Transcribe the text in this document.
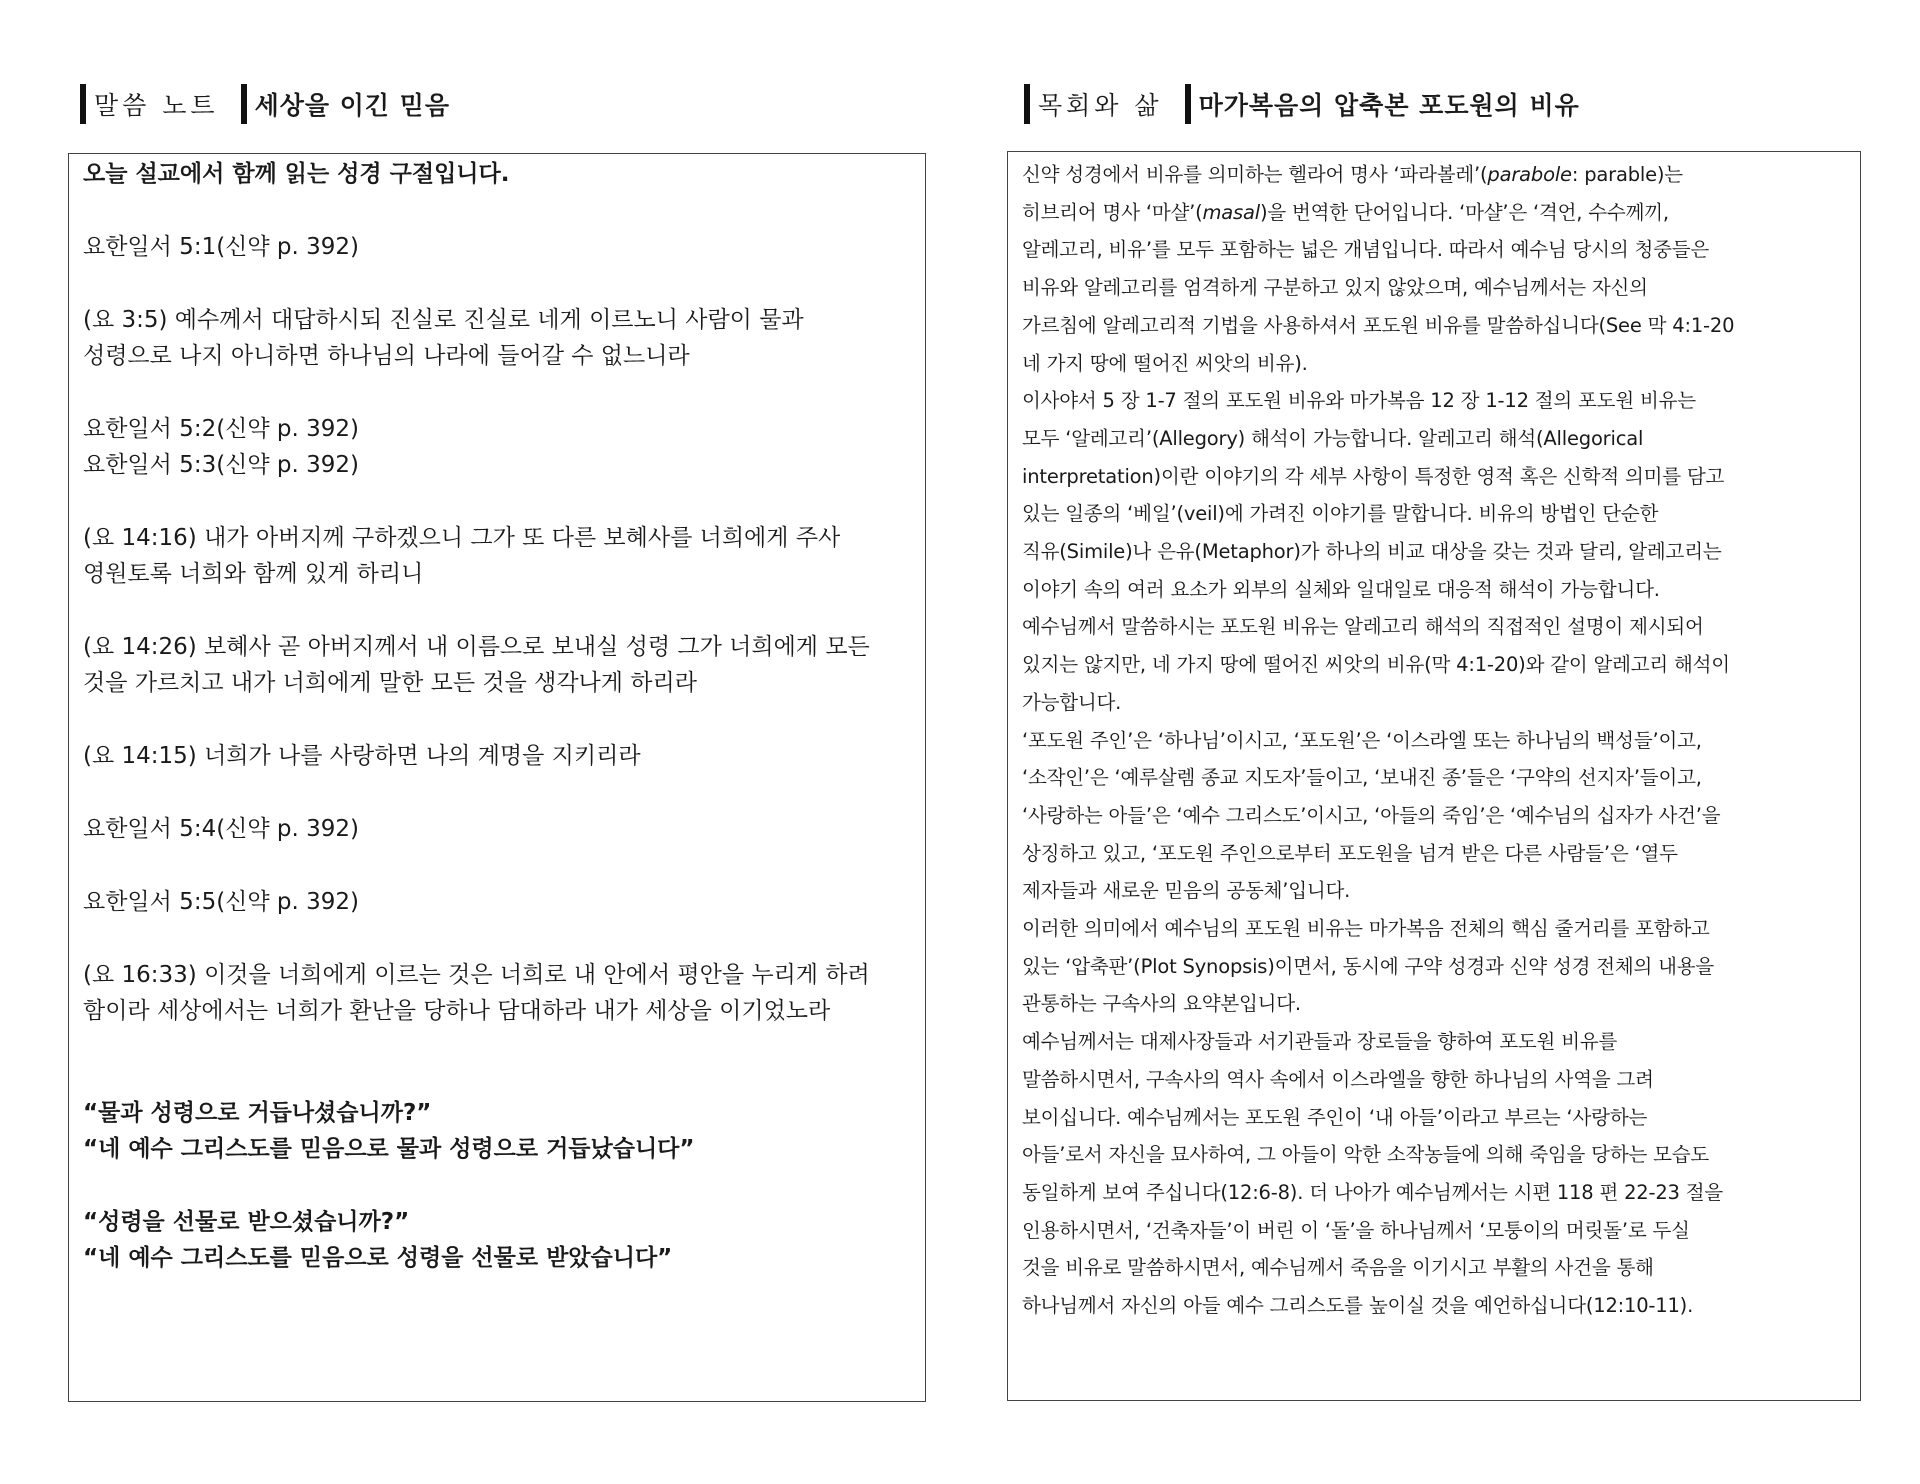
말씀 노트 세상을 이긴 믿음	목회와 삶 마가복음의 압축본 포도원의 비유

오늘 설교에서 함께 읽는 성경 구절입니다.

요한일서 5:1(신약 p. 392)

(요 3:5) 예수께서 대답하시되 진실로 진실로 네게 이르노니 사람이 물과

성령으로 나지 아니하면 하나님의 나라에 들어갈 수 없느니라

요한일서 5:2(신약 p. 392)

요한일서 5:3(신약 p. 392)

(요 14:16) 내가 아버지께 구하겠으니 그가 또 다른 보혜사를 너희에게 주사

영원토록 너희와 함께 있게 하리니

(요 14:26) 보혜사 곧 아버지께서 내 이름으로 보내실 성령 그가 너희에게 모든

것을 가르치고 내가 너희에게 말한 모든 것을 생각나게 하리라

(요 14:15) 너희가 나를 사랑하면 나의 계명을 지키리라

요한일서 5:4(신약 p. 392)

요한일서 5:5(신약 p. 392)

(요 16:33) 이것을 너희에게 이르는 것은 너희로 내 안에서 평안을 누리게 하려

함이라 세상에서는 너희가 환난을 당하나 담대하라 내가 세상을 이기었노라

“물과 성령으로 거듭나셨습니까?”

“네 예수 그리스도를 믿음으로 물과 성령으로 거듭났습니다”

“성령을 선물로 받으셨습니까?”

“네 예수 그리스도를 믿음으로 성령을 선물로 받았습니다”

신약 성경에서 비유를 의미하는 헬라어 명사 ‘파라볼레’(parabole: parable)는

히브리어 명사 ‘마샬’(masal)을 번역한 단어입니다. ‘마샬’은 ‘격언, 수수께끼,

알레고리, 비유’를 모두 포함하는 넓은 개념입니다. 따라서 예수님 당시의 청중들은

비유와 알레고리를 엄격하게 구분하고 있지 않았으며, 예수님께서는 자신의

가르침에 알레고리적 기법을 사용하셔서 포도원 비유를 말씀하십니다(See 막 4:1-20

네 가지 땅에 떨어진 씨앗의 비유).

이사야서 5 장 1-7 절의 포도원 비유와 마가복음 12 장 1-12 절의 포도원 비유는

모두 ‘알레고리’(Allegory) 해석이 가능합니다. 알레고리 해석(Allegorical

interpretation)이란 이야기의 각 세부 사항이 특정한 영적 혹은 신학적 의미를 담고

있는 일종의 ‘베일’(veil)에 가려진 이야기를 말합니다. 비유의 방법인 단순한

직유(Simile)나 은유(Metaphor)가 하나의 비교 대상을 갖는 것과 달리, 알레고리는

이야기 속의 여러 요소가 외부의 실체와 일대일로 대응적 해석이 가능합니다.

예수님께서 말씀하시는 포도원 비유는 알레고리 해석의 직접적인 설명이 제시되어

있지는 않지만, 네 가지 땅에 떨어진 씨앗의 비유(막 4:1-20)와 같이 알레고리 해석이

가능합니다.

‘포도원 주인’은 ‘하나님’이시고, ‘포도원’은 ‘이스라엘 또는 하나님의 백성들’이고,

‘소작인’은 ‘예루살렘 종교 지도자’들이고, ‘보내진 종’들은 ‘구약의 선지자’들이고,

‘사랑하는 아들’은 ‘예수 그리스도’이시고, ‘아들의 죽임’은 ‘예수님의 십자가 사건’을

상징하고 있고, ‘포도원 주인으로부터 포도원을 넘겨 받은 다른 사람들’은 ‘열두

제자들과 새로운 믿음의 공동체’입니다.

이러한 의미에서 예수님의 포도원 비유는 마가복음 전체의 핵심 줄거리를 포함하고

있는 ‘압축판’(Plot Synopsis)이면서, 동시에 구약 성경과 신약 성경 전체의 내용을

관통하는 구속사의 요약본입니다.

예수님께서는 대제사장들과 서기관들과 장로들을 향하여 포도원 비유를

말씀하시면서, 구속사의 역사 속에서 이스라엘을 향한 하나님의 사역을 그려

보이십니다. 예수님께서는 포도원 주인이 ‘내 아들’이라고 부르는 ‘사랑하는

아들’로서 자신을 묘사하여, 그 아들이 악한 소작농들에 의해 죽임을 당하는 모습도

동일하게 보여 주십니다(12:6-8). 더 나아가 예수님께서는 시편 118 편 22-23 절을

인용하시면서, ‘건축자들’이 버린 이 ‘돌’을 하나님께서 ‘모퉁이의 머릿돌’로 두실

것을 비유로 말씀하시면서, 예수님께서 죽음을 이기시고 부활의 사건을 통해

하나님께서 자신의 아들 예수 그리스도를 높이실 것을 예언하십니다(12:10-11).
